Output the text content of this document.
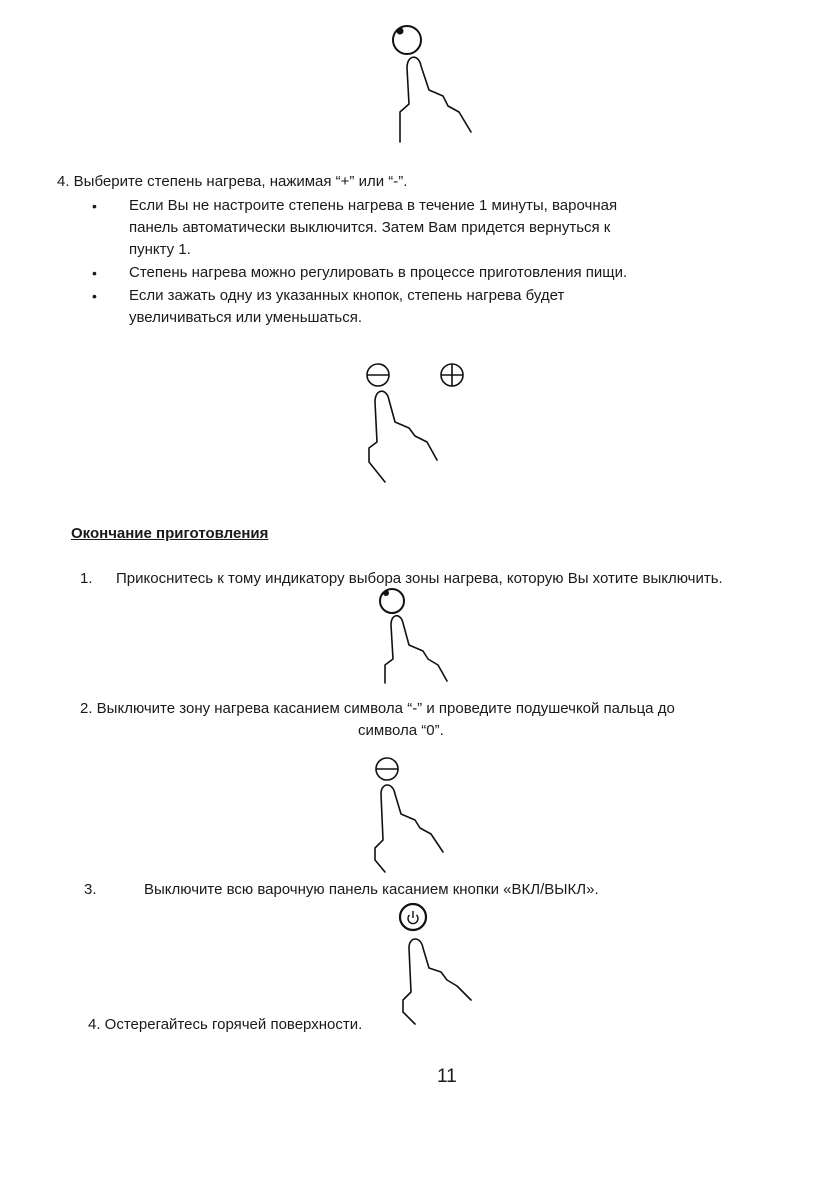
4. Выберите степень нагрева, нажимая “+” или “-”.
• Если Вы не настроите степень нагрева в течение 1 минуты, варочная
панель автоматически выключится. Затем Вам придется вернуться к
пункту 1.
• Степень нагрева можно регулировать в процессе приготовления пищи.
• Если зажать одну из указанных кнопок, степень нагрева будет
увеличиваться или уменьшаться.
Окончание приготовления
1. Прикоснитесь к тому индикатору выбора зоны нагрева, которую Вы хотите выключить.
2. Выключите зону нагрева касанием символа “-” и проведите подушечкой пальца до
символа “0”.
3.	Выключите всю варочную панель касанием кнопки «ВКЛ/ВЫКЛ».
4. Остерегайтесь горячей поверхности.
11
